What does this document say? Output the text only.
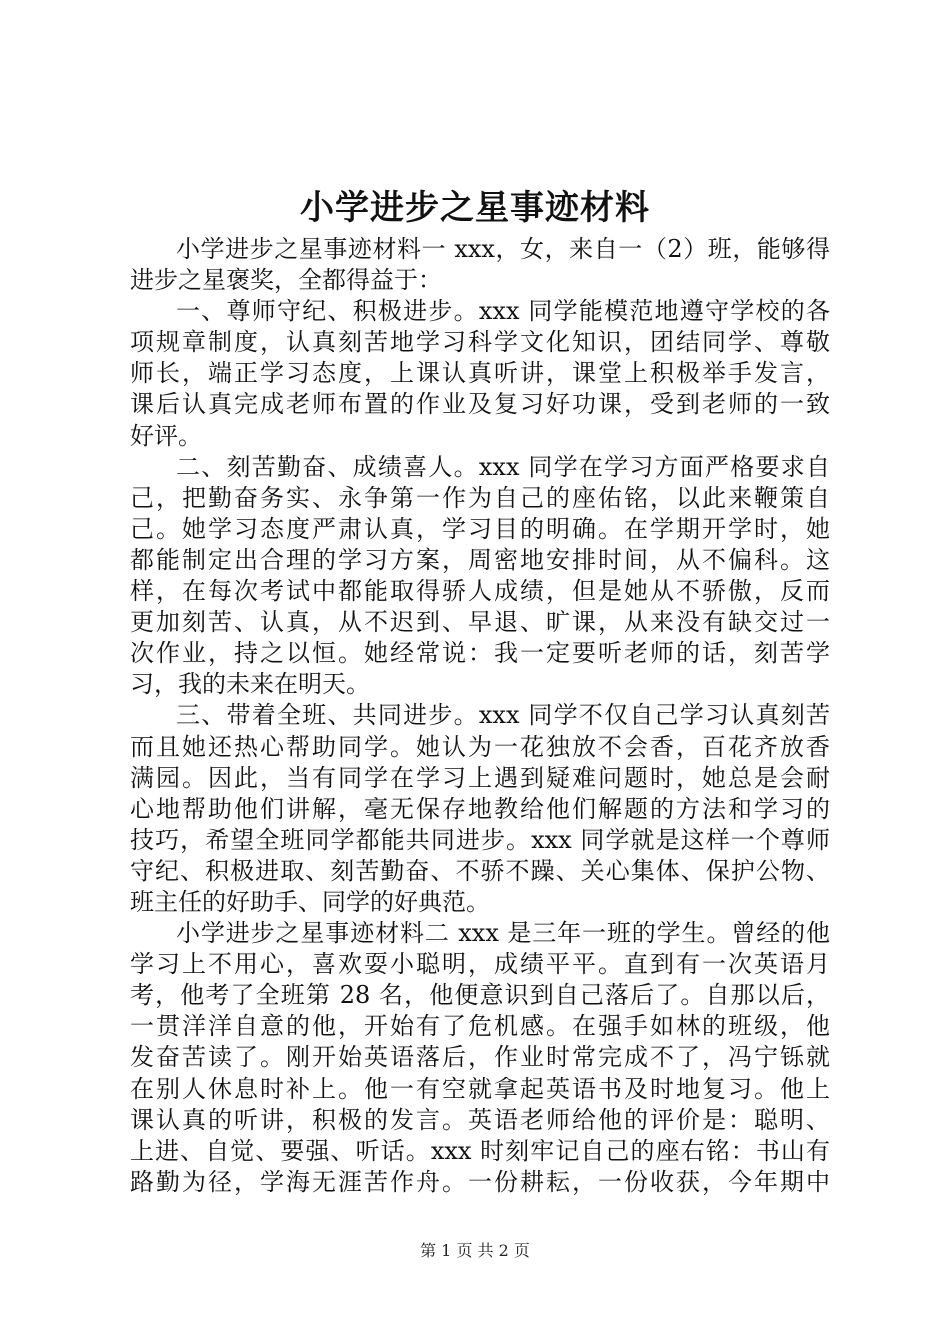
小学进步之星事迹材料
小学进步之星事迹材料一 xxx，女，来自一（2）班，能够得
进步之星褒奖，全都得益于：
一、尊师守纪、积极进步。xxx 同学能模范地遵守学校的各
项规章制度，认真刻苦地学习科学文化知识，团结同学、尊敬
师长，端正学习态度，上课认真听讲，课堂上积极举手发言，
课后认真完成老师布置的作业及复习好功课，受到老师的一致
好评。
二、刻苦勤奋、成绩喜人。xxx 同学在学习方面严格要求自
己，把勤奋务实、永争第一作为自己的座佑铭，以此来鞭策自
己。她学习态度严肃认真，学习目的明确。在学期开学时，她
都能制定出合理的学习方案，周密地安排时间，从不偏科。这
样，在每次考试中都能取得骄人成绩，但是她从不骄傲，反而
更加刻苦、认真，从不迟到、早退、旷课，从来没有缺交过一
次作业，持之以恒。她经常说：我一定要听老师的话，刻苦学
习，我的未来在明天。
三、带着全班、共同进步。xxx 同学不仅自己学习认真刻苦
而且她还热心帮助同学。她认为一花独放不会香，百花齐放香
满园。因此，当有同学在学习上遇到疑难问题时，她总是会耐
心地帮助他们讲解，毫无保存地教给他们解题的方法和学习的
技巧，希望全班同学都能共同进步。xxx 同学就是这样一个尊师
守纪、积极进取、刻苦勤奋、不骄不躁、关心集体、保护公物、
班主任的好助手、同学的好典范。
小学进步之星事迹材料二 xxx 是三年一班的学生。曾经的他
学习上不用心，喜欢耍小聪明，成绩平平。直到有一次英语月
考，他考了全班第 28 名，他便意识到自己落后了。自那以后，
一贯洋洋自意的他，开始有了危机感。在强手如林的班级，他
发奋苦读了。刚开始英语落后，作业时常完成不了，冯宁铄就
在别人休息时补上。他一有空就拿起英语书及时地复习。他上
课认真的听讲，积极的发言。英语老师给他的评价是：聪明、
上进、自觉、要强、听话。xxx 时刻牢记自己的座右铭：书山有
路勤为径，学海无涯苦作舟。一份耕耘，一份收获，今年期中
第 1 页 共 2 页
